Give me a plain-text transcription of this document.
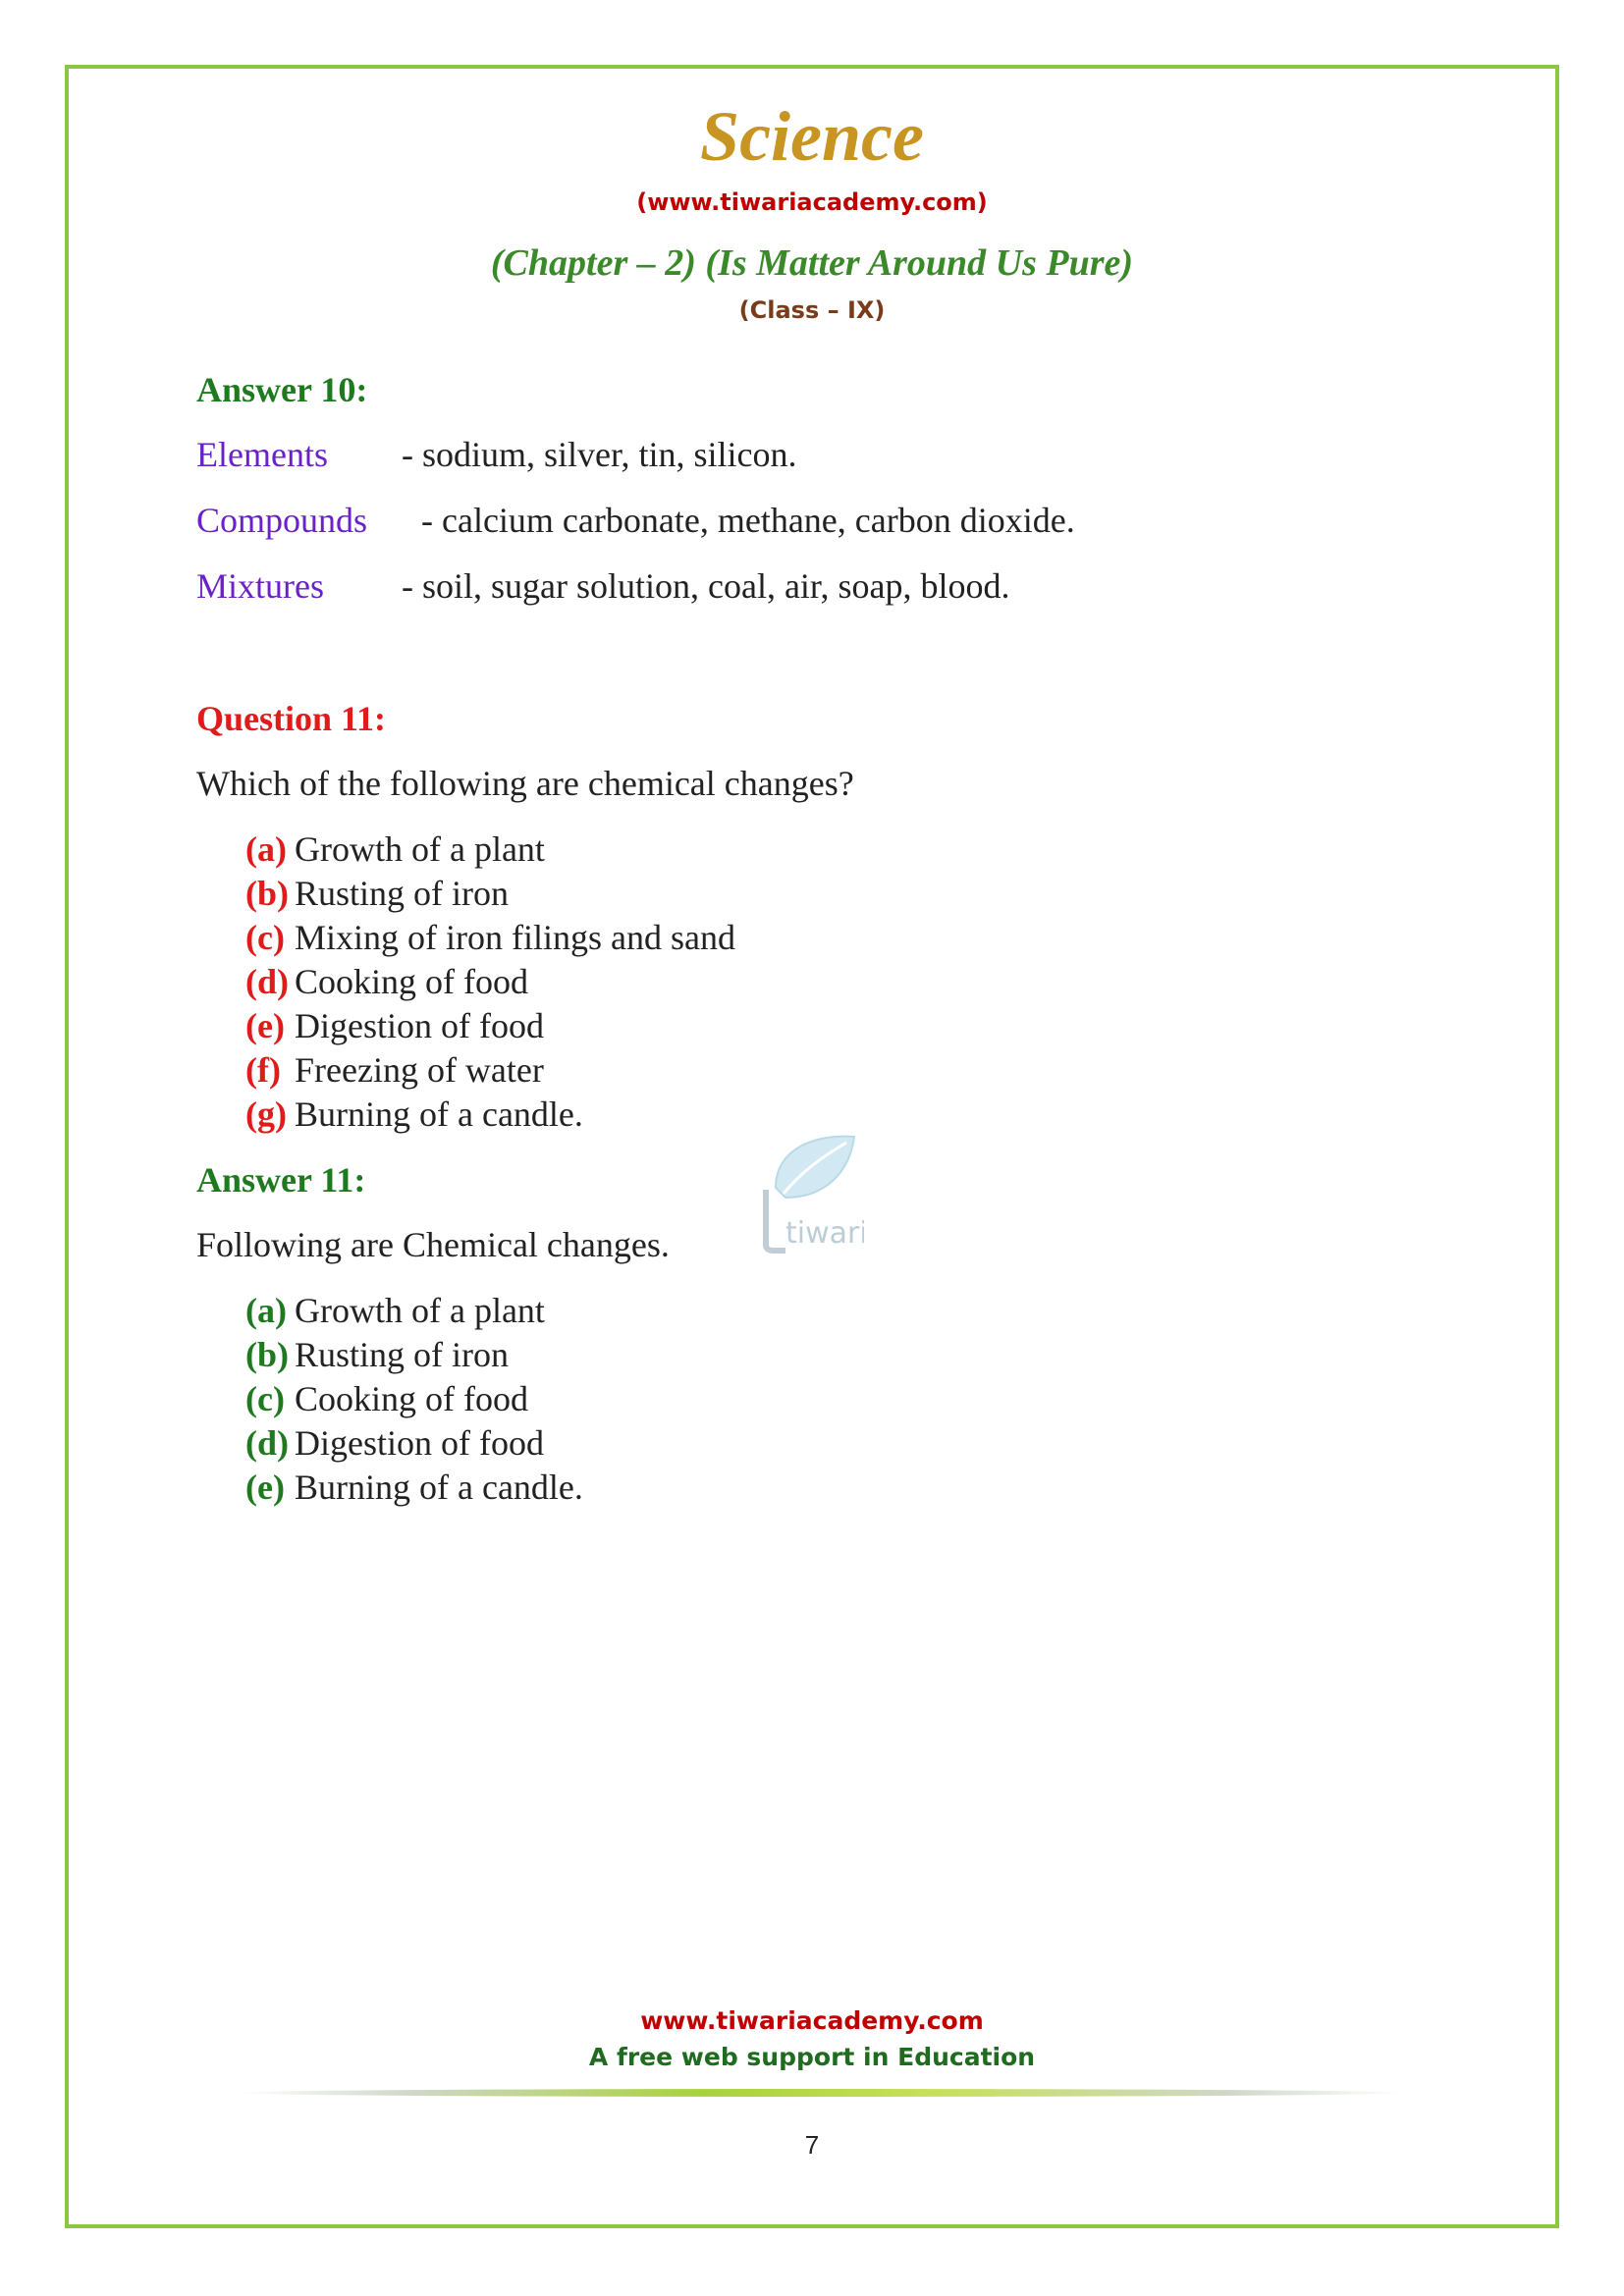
Science
(www.tiwariacademy.com)
(Chapter – 2) (Is Matter Around Us Pure)
(Class – IX)
Answer 10:
Elements - sodium, silver, tin, silicon.
Compounds - calcium carbonate, methane, carbon dioxide.
Mixtures - soil, sugar solution, coal, air, soap, blood.
Question 11:
Which of the following are chemical changes?
(a) Growth of a plant
(b) Rusting of iron
(c) Mixing of iron filings and sand
(d) Cooking of food
(e) Digestion of food
(f) Freezing of water
(g) Burning of a candle.
Answer 11:
Following are Chemical changes.
(a) Growth of a plant
(b) Rusting of iron
(c) Cooking of food
(d) Digestion of food
(e) Burning of a candle.
tiwari
www.tiwariacademy.com
A free web support in Education
7
